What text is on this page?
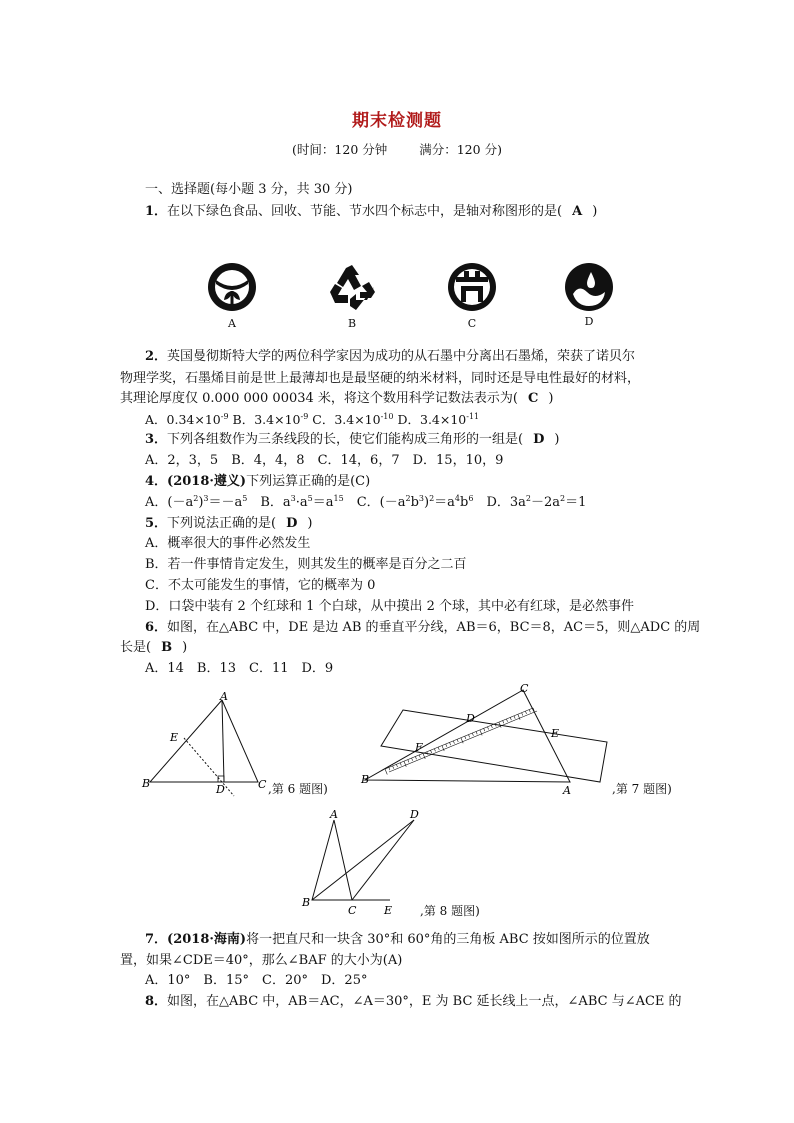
期末检测题
(时间：120 分钟	满分：120 分)
一、选择题(每小题 3 分，共 30 分)
1．在以下绿色食品、回收、节能、节水四个标志中，是轴对称图形的是( A )
A	B	C	D
2．英国曼彻斯特大学的两位科学家因为成功的从石墨中分离出石墨烯，荣获了诺贝尔
物理学奖，石墨烯目前是世上最薄却也是最坚硬的纳米材料，同时还是导电性最好的材料，
其理论厚度仅 0.000 000 00034 米，将这个数用科学记数法表示为( C )
A．$0.34\times 10^{-9}$ B．$3.4\times 10^{-9}$ C．$3.4\times 10^{-10}$ D．$3.4\times 10^{-11}$
3．下列各组数作为三条线段的长，使它们能构成三角形的一组是( D )
A．2，3，5　B．4，4，8　C．14，6，7　D．15，10，9
4．(2018·遵义)下列运算正确的是(C)
A．$(-a^2)^3=-a^5$　B．$a^3\cdot a^5=a^{15}$　C．$(-a^2b^3)^2=a^4b^6$　D．$3a^2-2a^2=1$
5．下列说法正确的是( D )
A．概率很大的事件必然发生
B．若一件事情肯定发生，则其发生的概率是百分之二百
C．不太可能发生的事情，它的概率为 0
D．口袋中装有 2 个红球和 1 个白球，从中摸出 2 个球，其中必有红球，是必然事件
6．如图，在△ABC 中，DE 是边 AB 的垂直平分线，AB＝6，BC＝8，AC＝5，则△ADC 的周
长是( B )
A．14　B．13　C．11　D．9
A
E
B	D	C ,第 6 题图)
C
D
F
E
B
A	,第 7 题图)
A	D
B
C	E ,第 8 题图)
7．(2018·海南)将一把直尺和一块含 30°和 60°角的三角板 ABC 按如图所示的位置放
置，如果∠CDE＝40°，那么∠BAF 的大小为(A)
A．10°　B．15°　C．20°　D．25°
8．如图，在△ABC 中，AB＝AC，∠A＝30°，E 为 BC 延长线上一点，∠ABC 与∠ACE 的
